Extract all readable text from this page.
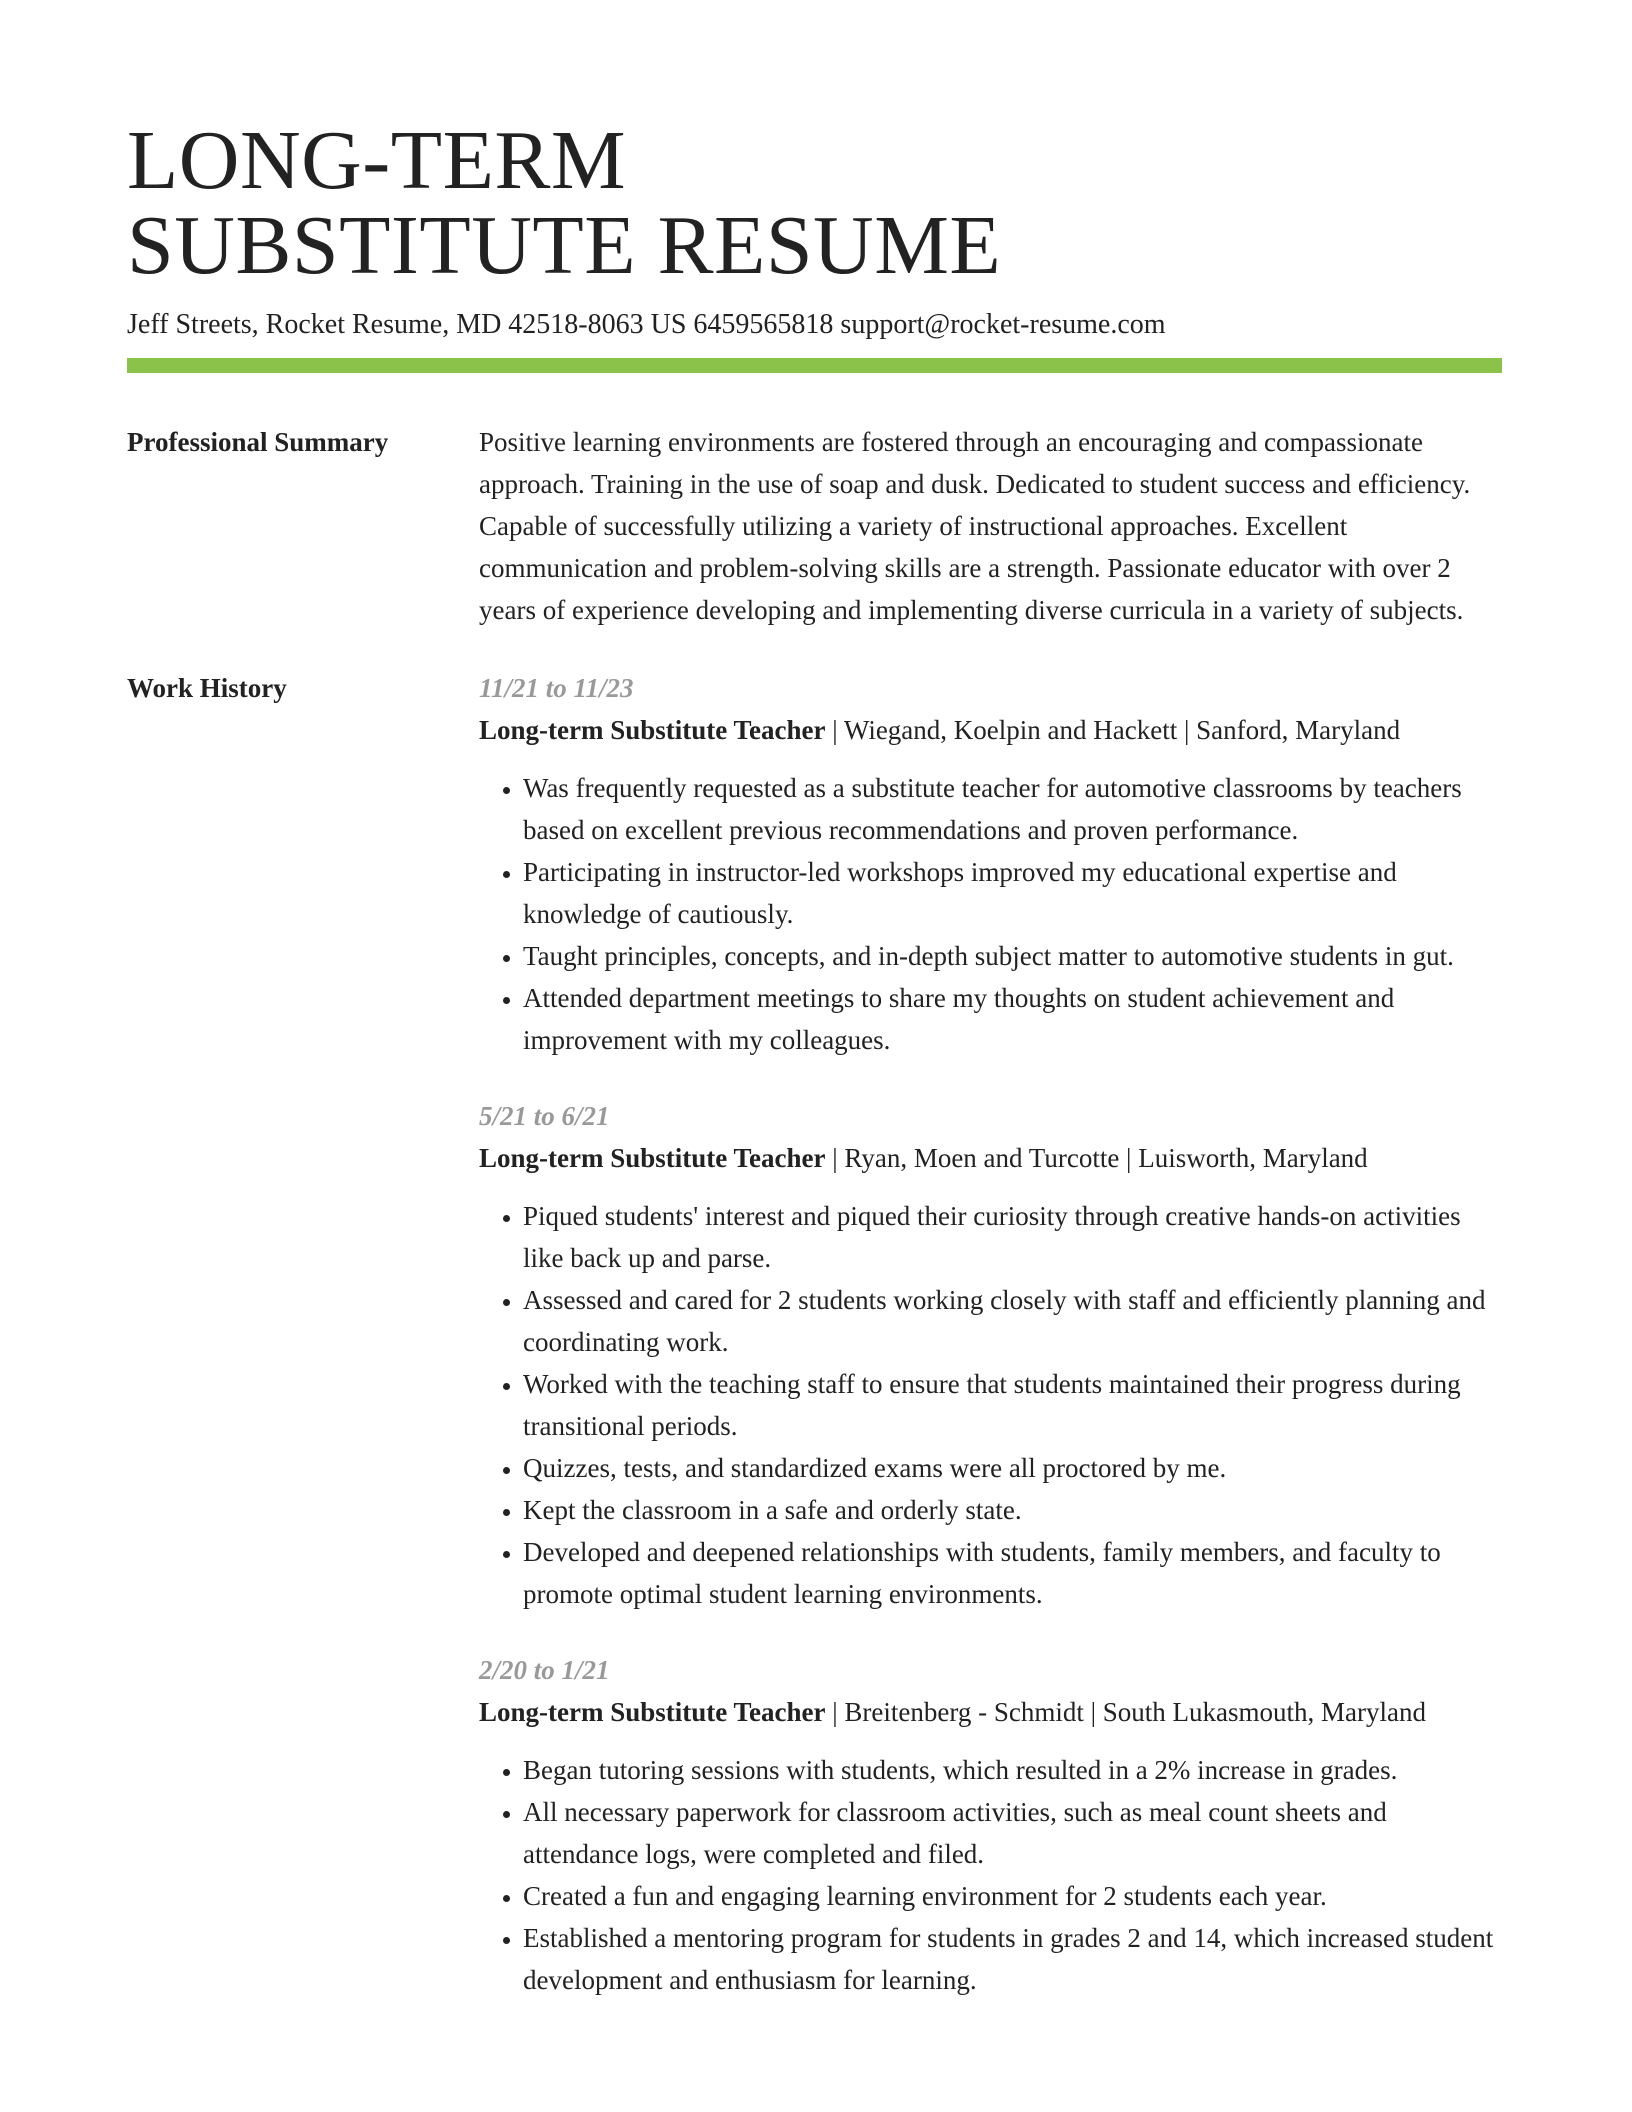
LONG-TERM
SUBSTITUTE RESUME
Jeff Streets, Rocket Resume, MD 42518-8063 US 6459565818 support@rocket-resume.com
Professional Summary	Positive learning environments are fostered through an encouraging and compassionate approach. Training in the use of soap and dusk. Dedicated to student success and efficiency. Capable of successfully utilizing a variety of instructional approaches. Excellent communication and problem-solving skills are a strength. Passionate educator with over 2 years of experience developing and implementing diverse curricula in a variety of subjects.

Work History	11/21 to 11/23
Long-term Substitute Teacher | Wiegand, Koelpin and Hackett | Sanford, Maryland
• Was frequently requested as a substitute teacher for automotive classrooms by teachers based on excellent previous recommendations and proven performance.
• Participating in instructor-led workshops improved my educational expertise and knowledge of cautiously.
• Taught principles, concepts, and in-depth subject matter to automotive students in gut.
• Attended department meetings to share my thoughts on student achievement and improvement with my colleagues.
5/21 to 6/21
Long-term Substitute Teacher | Ryan, Moen and Turcotte | Luisworth, Maryland
• Piqued students' interest and piqued their curiosity through creative hands-on activities like back up and parse.
• Assessed and cared for 2 students working closely with staff and efficiently planning and coordinating work.
• Worked with the teaching staff to ensure that students maintained their progress during transitional periods.
• Quizzes, tests, and standardized exams were all proctored by me.
• Kept the classroom in a safe and orderly state.
• Developed and deepened relationships with students, family members, and faculty to promote optimal student learning environments.
2/20 to 1/21
Long-term Substitute Teacher | Breitenberg - Schmidt | South Lukasmouth, Maryland
• Began tutoring sessions with students, which resulted in a 2% increase in grades.
• All necessary paperwork for classroom activities, such as meal count sheets and attendance logs, were completed and filed.
• Created a fun and engaging learning environment for 2 students each year.
• Established a mentoring program for students in grades 2 and 14, which increased student development and enthusiasm for learning.
